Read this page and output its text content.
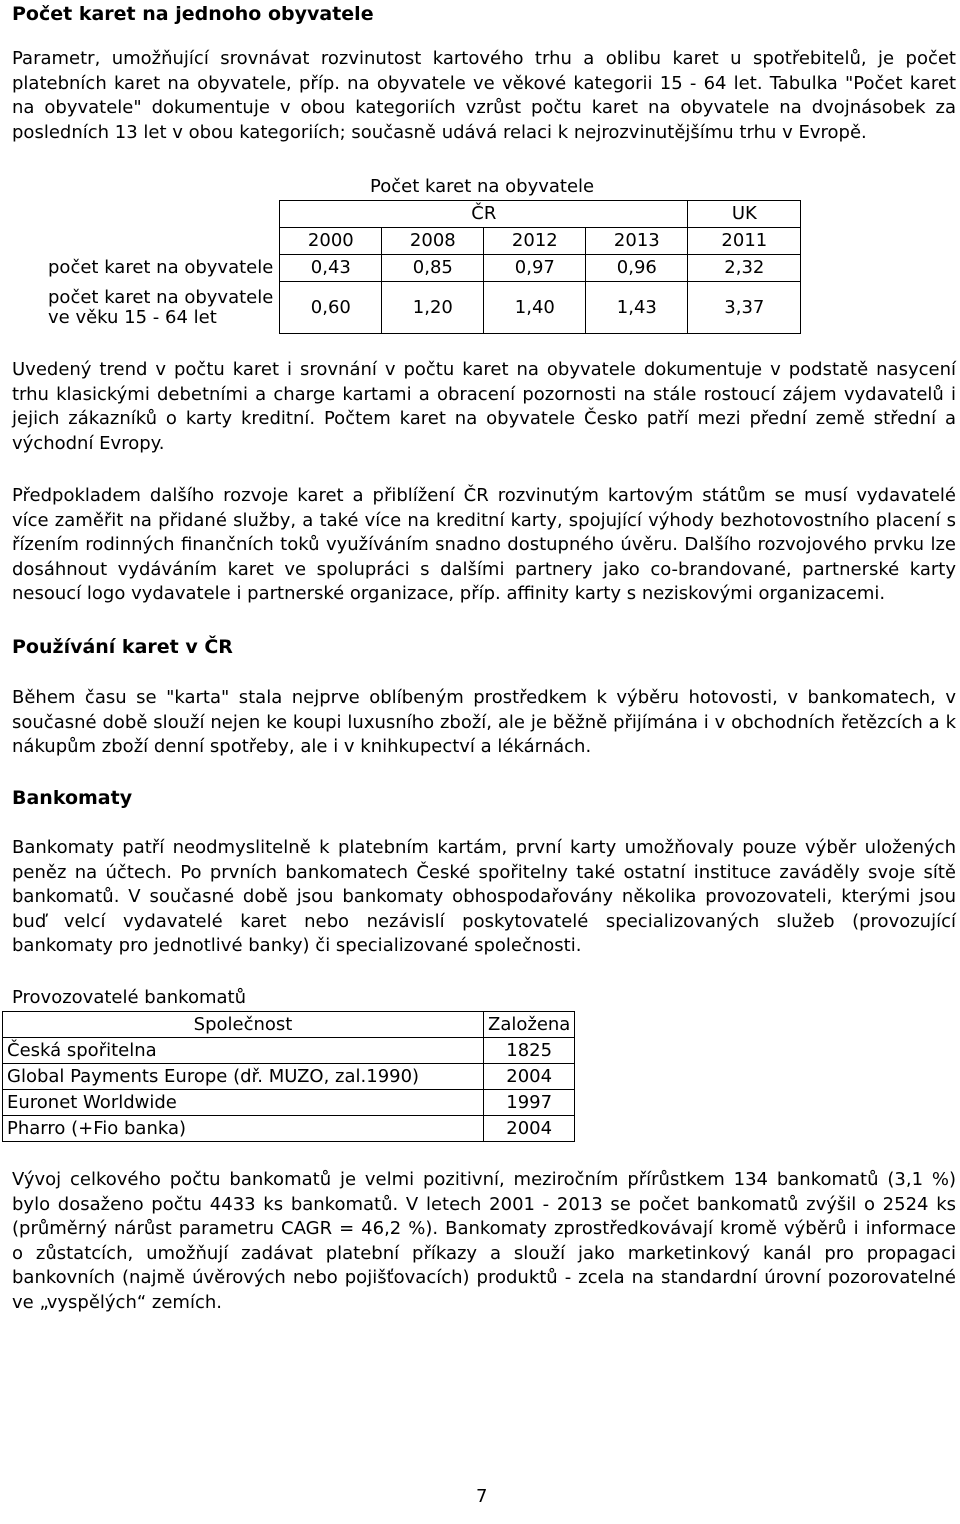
Počet karet na jednoho obyvatele

Parametr, umožňující srovnávat rozvinutost kartového trhu a oblibu karet u spotřebitelů, je počet platebních karet na obyvatele, příp. na obyvatele ve věkové kategorii 15 - 64 let. Tabulka "Počet karet na obyvatele" dokumentuje v obou kategoriích vzrůst počtu karet na obyvatele na dvojnásobek za posledních 13 let v obou kategoriích; současně udává relaci k nejrozvinutějšímu trhu v Evropě.

Počet karet na obyvatele
	ČR				UK
	2000	2008	2012	2013	2011
počet karet na obyvatele	0,43	0,85	0,97	0,96	2,32

počet karet na obyvatele
ve věku 15 - 64 let	0,60	1,20	1,40	1,43	3,37

Uvedený trend v počtu karet i srovnání v počtu karet na obyvatele dokumentuje v podstatě nasycení trhu klasickými debetními a charge kartami a obracení pozornosti na stále rostoucí zájem vydavatelů i jejich zákazníků o karty kreditní. Počtem karet na obyvatele Česko patří mezi přední země střední a východní Evropy.

Předpokladem dalšího rozvoje karet a přiblížení ČR rozvinutým kartovým státům se musí vydavatelé více zaměřit na přidané služby, a také více na kreditní karty, spojující výhody bezhotovostního placení s řízením rodinných finančních toků využíváním snadno dostupného úvěru. Dalšího rozvojového prvku lze dosáhnout vydáváním karet ve spolupráci s dalšími partnery jako co-brandované, partnerské karty nesoucí logo vydavatele i partnerské organizace, příp. affinity karty s neziskovými organizacemi.

Používání karet v ČR

Během času se "karta" stala nejprve oblíbeným prostředkem k výběru hotovosti, v bankomatech, v současné době slouží nejen ke koupi luxusního zboží, ale je běžně přijímána i v obchodních řetězcích a k nákupům zboží denní spotřeby, ale i v knihkupectví a lékárnách.

Bankomaty

Bankomaty patří neodmyslitelně k platebním kartám, první karty umožňovaly pouze výběr uložených peněz na účtech. Po prvních bankomatech České spořitelny také ostatní instituce zaváděly svoje sítě bankomatů. V současné době jsou bankomaty obhospodařovány několika provozovateli, kterými jsou buď velcí vydavatelé karet nebo nezávislí poskytovatelé specializovaných služeb (provozující bankomaty pro jednotlivé banky) či specializované společnosti.

Provozovatelé bankomatů
Společnost	Založena
Česká spořitelna	1825
Global Payments Europe (dř. MUZO, zal.1990)	2004
Euronet Worldwide	1997
Pharro (+Fio banka)	2004

Vývoj celkového počtu bankomatů je velmi pozitivní, meziročním přírůstkem 134 bankomatů (3,1 %) bylo dosaženo počtu 4433 ks bankomatů. V letech 2001 - 2013 se počet bankomatů zvýšil o 2524 ks (průměrný nárůst parametru CAGR = 46,2 %). Bankomaty zprostředkovávají kromě výběrů i informace o zůstatcích, umožňují zadávat platební příkazy a slouží jako marketinkový kanál pro propagaci bankovních (najmě úvěrových nebo pojišťovacích) produktů - zcela na standardní úrovní pozorovatelné ve „vyspělých“ zemích.

7
